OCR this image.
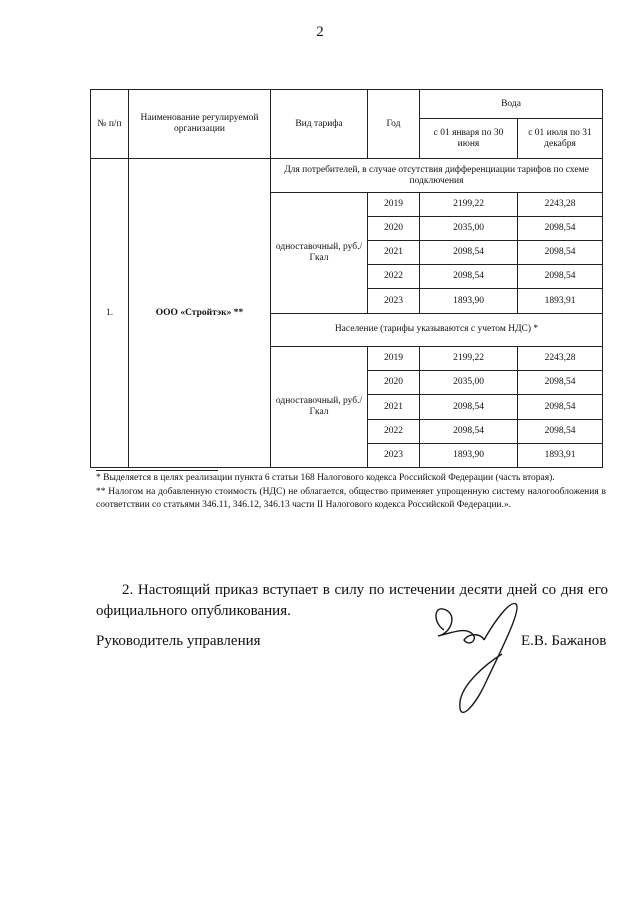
2
№ п/п	Наименование регулируемой организации	Вид тарифа	Год	Вода	
				с 01 января по 30 июня	с 01 июля по 31 декабря
1.	ООО «Стройтэк» **	Для потребителей, в случае отсутствия дифференциации тарифов по схеме подключения			
		одноставочный, руб./Гкал	2019	2199,22	2243,28
			2020	2035,00	2098,54
			2021	2098,54	2098,54
			2022	2098,54	2098,54
			2023	1893,90	1893,91
		Население (тарифы указываются с учетом НДС) *			
		одноставочный, руб./Гкал	2019	2199,22	2243,28
			2020	2035,00	2098,54
			2021	2098,54	2098,54
			2022	2098,54	2098,54
			2023	1893,90	1893,91

* Выделяется в целях реализации пункта 6 статьи 168 Налогового кодекса Российской Федерации (часть вторая).

** Налогом на добавленную стоимость (НДС) не облагается, общество применяет упрощенную систему налогообложения в соответствии со статьями 346.11, 346.12, 346.13 части II Налогового кодекса Российской Федерации.».

2. Настоящий приказ вступает в силу по истечении десяти дней со дня его официального опубликования.

Руководитель управления	Е.В. Бажанов
